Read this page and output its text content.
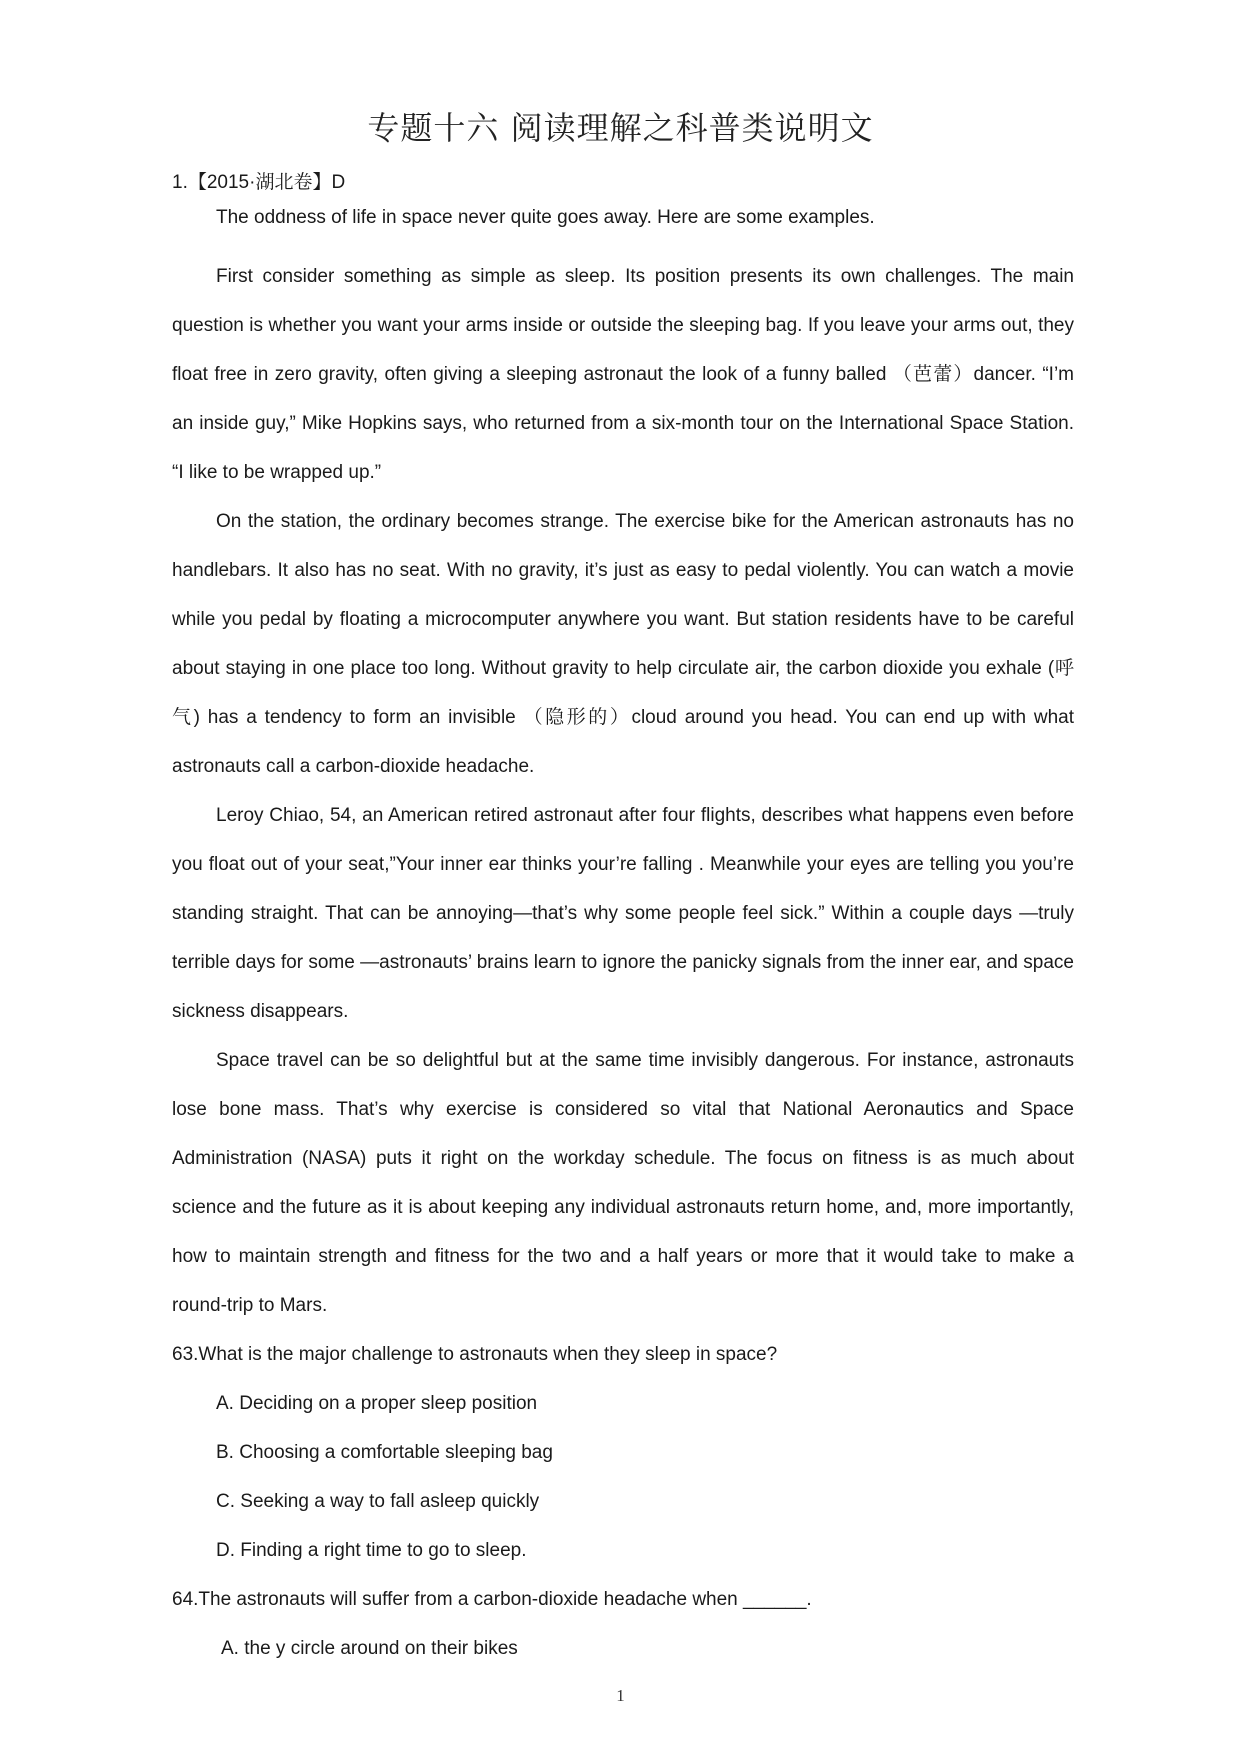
专题十六 阅读理解之科普类说明文

1.【2015·湖北卷】D

The oddness of life in space never quite goes away. Here are some examples.

First consider something as simple as sleep. Its position presents its own challenges. The main question is whether you want your arms inside or outside the sleeping bag. If you leave your arms out, they float free in zero gravity, often giving a sleeping astronaut the look of a funny balled （芭蕾）dancer. “I’m an inside guy,” Mike Hopkins says, who returned from a six-month tour on the International Space Station. “I like to be wrapped up.”

On the station, the ordinary becomes strange. The exercise bike for the American astronauts has no handlebars. It also has no seat. With no gravity, it’s just as easy to pedal violently. You can watch a movie while you pedal by floating a microcomputer anywhere you want. But station residents have to be careful about staying in one place too long. Without gravity to help circulate air, the carbon dioxide you exhale (呼气) has a tendency to form an invisible （隐形的）cloud around you head. You can end up with what astronauts call a carbon-dioxide headache.

Leroy Chiao, 54, an American retired astronaut after four flights, describes what happens even before you float out of your seat,”Your inner ear thinks your’re falling . Meanwhile your eyes are telling you you’re standing straight. That can be annoying—that’s why some people feel sick.” Within a couple days —truly terrible days for some —astronauts’ brains learn to ignore the panicky signals from the inner ear, and space sickness disappears.

Space travel can be so delightful but at the same time invisibly dangerous. For instance, astronauts lose bone mass. That’s why exercise is considered so vital that National Aeronautics and Space Administration (NASA) puts it right on the workday schedule. The focus on fitness is as much about science and the future as it is about keeping any individual astronauts return home, and, more importantly, how to maintain strength and fitness for the two and a half years or more that it would take to make a round-trip to Mars.

63.What is the major challenge to astronauts when they sleep in space?

A. Deciding on a proper sleep position

B. Choosing a comfortable sleeping bag

C. Seeking a way to fall asleep quickly

D. Finding a right time to go to sleep.

64.The astronauts will suffer from a carbon-dioxide headache when ______.

A. the y circle around on their bikes

1
